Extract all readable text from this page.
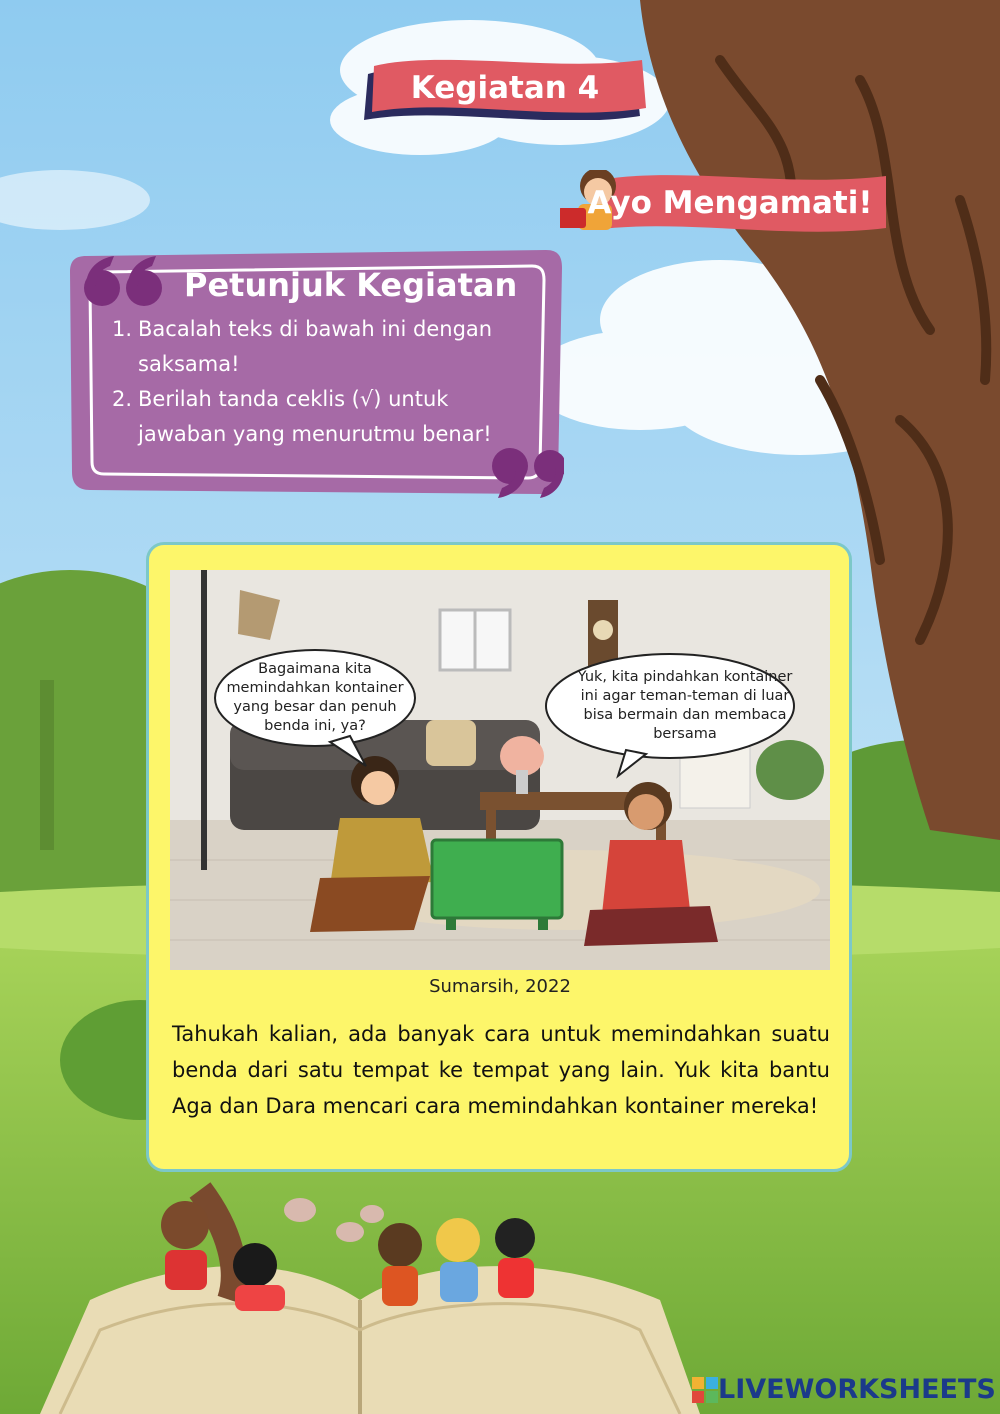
Kegiatan 4
Ayo Mengamati!
Petunjuk Kegiatan
1. Bacalah teks di bawah ini dengan saksama!
2. Berilah tanda ceklis (√) untuk jawaban yang menurutmu benar!
Bagaimana kita memindahkan kontainer yang besar dan penuh benda ini, ya?
Yuk, kita pindahkan kontainer ini agar teman-teman di luar bisa bermain dan membaca bersama
Sumarsih, 2022

Tahukah kalian, ada banyak cara untuk memindahkan suatu benda dari satu tempat ke tempat yang lain. Yuk kita bantu Aga dan Dara mencari cara memindahkan kontainer mereka!

LIVEWORKSHEETS
